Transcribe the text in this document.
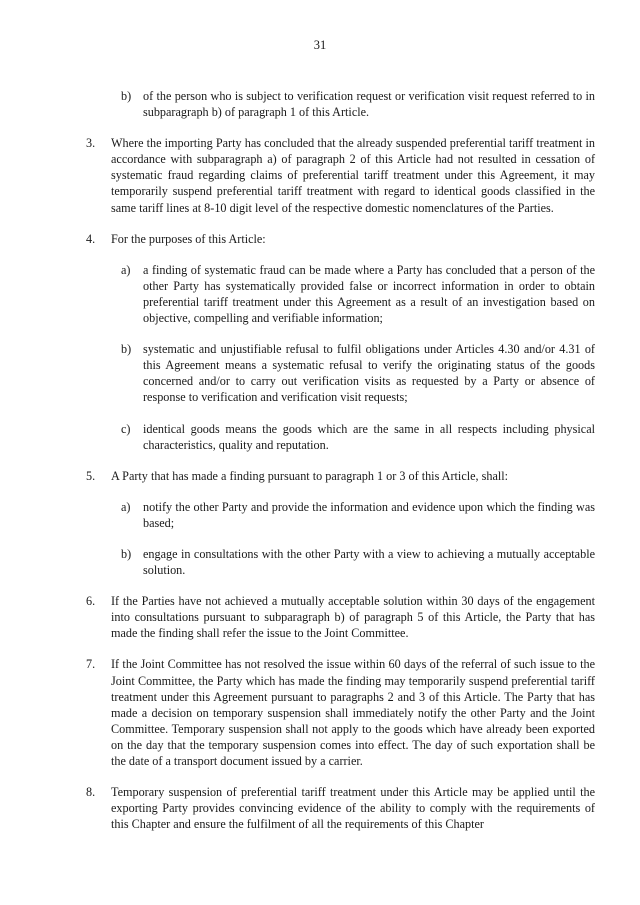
31
b) of the person who is subject to verification request or verification visit request referred to in subparagraph b) of paragraph 1 of this Article.
3. Where the importing Party has concluded that the already suspended preferential tariff treatment in accordance with subparagraph a) of paragraph 2 of this Article had not resulted in cessation of systematic fraud regarding claims of preferential tariff treatment under this Agreement, it may temporarily suspend preferential tariff treatment with regard to identical goods classified in the same tariff lines at 8-10 digit level of the respective domestic nomenclatures of the Parties.
4. For the purposes of this Article:
a) a finding of systematic fraud can be made where a Party has concluded that a person of the other Party has systematically provided false or incorrect information in order to obtain preferential tariff treatment under this Agreement as a result of an investigation based on objective, compelling and verifiable information;
b) systematic and unjustifiable refusal to fulfil obligations under Articles 4.30 and/or 4.31 of this Agreement means a systematic refusal to verify the originating status of the goods concerned and/or to carry out verification visits as requested by a Party or absence of response to verification and verification visit requests;
c) identical goods means the goods which are the same in all respects including physical characteristics, quality and reputation.
5. A Party that has made a finding pursuant to paragraph 1 or 3 of this Article, shall:
a) notify the other Party and provide the information and evidence upon which the finding was based;
b) engage in consultations with the other Party with a view to achieving a mutually acceptable solution.
6. If the Parties have not achieved a mutually acceptable solution within 30 days of the engagement into consultations pursuant to subparagraph b) of paragraph 5 of this Article, the Party that has made the finding shall refer the issue to the Joint Committee.
7. If the Joint Committee has not resolved the issue within 60 days of the referral of such issue to the Joint Committee, the Party which has made the finding may temporarily suspend preferential tariff treatment under this Agreement pursuant to paragraphs 2 and 3 of this Article. The Party that has made a decision on temporary suspension shall immediately notify the other Party and the Joint Committee. Temporary suspension shall not apply to the goods which have already been exported on the day that the temporary suspension comes into effect. The day of such exportation shall be the date of a transport document issued by a carrier.
8. Temporary suspension of preferential tariff treatment under this Article may be applied until the exporting Party provides convincing evidence of the ability to comply with the requirements of this Chapter and ensure the fulfilment of all the requirements of this Chapter
